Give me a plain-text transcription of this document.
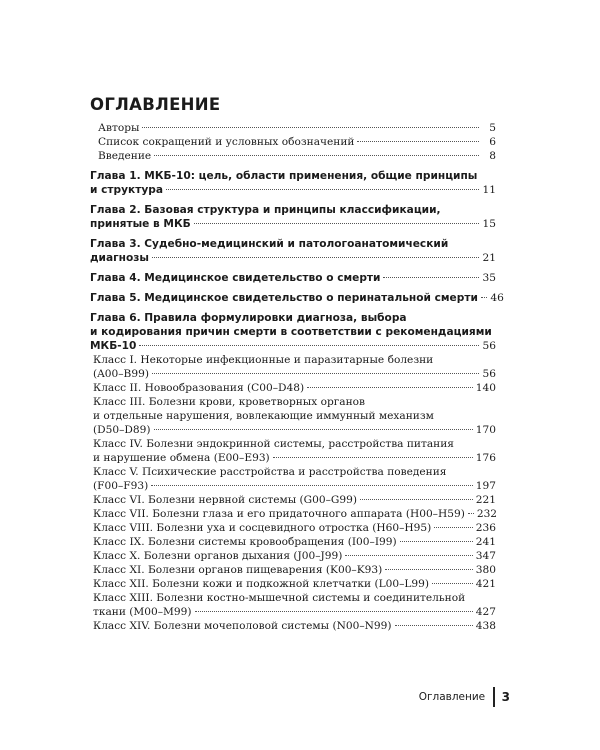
ОГЛАВЛЕНИЕ
Авторы	5
Список сокращений и условных обозначений	6
Введение	8
Глава 1. МКБ-10: цель, области применения, общие принципы
и структура	11
Глава 2. Базовая структура и принципы классификации,
принятые в МКБ	15
Глава 3. Судебно-медицинский и патологоанатомический
диагнозы	21
Глава 4. Медицинское свидетельство о смерти	35
Глава 5. Медицинское свидетельство о перинатальной смерти 46
Глава 6. Правила формулировки диагноза, выбора
и кодирования причин смерти в соответствии с рекомендациями
МКБ-10	56
Класс I. Некоторые инфекционные и паразитарные болезни
(A00–B99)	56
Класс II. Новообразования (C00–D48)	140
Класс III. Болезни крови, кроветворных органов
и отдельные нарушения, вовлекающие иммунный механизм
(D50–D89)	170
Класс IV. Болезни эндокринной системы, расстройства питания
и нарушение обмена (E00–E93)	176
Класс V. Психические расстройства и расстройства поведения
(F00–F93)	197
Класс VI. Болезни нервной системы (G00–G99)	221
Класс VII. Болезни глаза и его придаточного аппарата (H00–H59) 232
Класс VIII. Болезни уха и сосцевидного отростка (H60–H95)	236
Класс IX. Болезни системы кровообращения (I00–I99)	241
Класс X. Болезни органов дыхания (J00–J99)	347
Класс XI. Болезни органов пищеварения (K00–K93)	380
Класс XII. Болезни кожи и подкожной клетчатки (L00–L99)	421
Класс XIII. Болезни костно-мышечной системы и соединительной
ткани (M00–M99)	427
Класс XIV. Болезни мочеполовой системы (N00–N99)	438
Оглавление 3
